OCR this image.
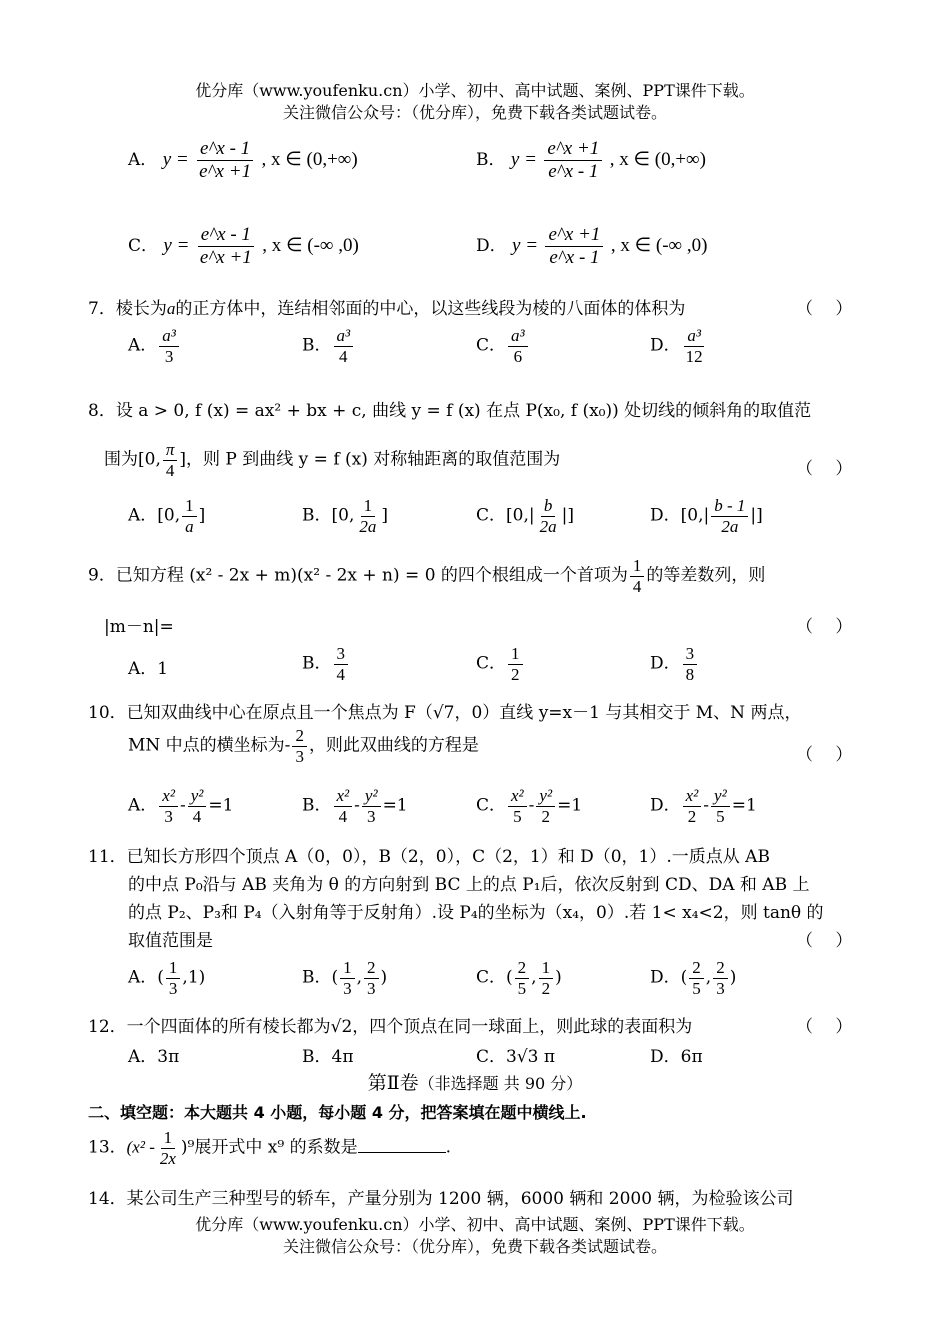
优分库（www.youfenku.cn）小学、初中、高中试题、案例、PPT课件下载。
关注微信公众号：（优分库），免费下载各类试题试卷。
A． $y = \frac{e\^{}x - 1}{e\^{}x +1}$ , x ∈ (0,+∞)	B． $y = \frac{e\^{}x +1}{e\^{}x - 1}$ , x ∈ (0,+∞)
C． $y = \frac{e\^{}x - 1}{e\^{}x +1}$ , x ∈ (-∞ ,0)	D． $y = \frac{e\^{}x +1}{e\^{}x - 1}$ , x ∈ (-∞ ,0)
7．棱长为a的正方体中，连结相邻面的中心，以这些线段为棱的八面体的体积为	（　 ）
A． $\frac{\text{a³}}{3}$	B． $\frac{\text{a³}}{4}$	C． $\frac{\text{a³}}{6}$	D． $\frac{\text{a³}}{12}$
8．设 a > 0, f (x) = ax² + bx + c, 曲线 y = f (x) 在点 P(x₀, f (x₀)) 处切线的倾斜角的取值范
围为[0, $\frac{\pi}{4}$ ]，则 P 到曲线 y = f (x) 对称轴距离的取值范围为	（　 ）
A．[0, $\frac{1}{a}$ ]	B．[0, $\frac{1}{2a}$ ]	C．[$0,| \frac{b}{2a}$ |]	D．[$0,| \frac{b - 1}{2a}$ |]
9．已知方程 (x² - 2x + m)(x² - 2x + n) = 0 的四个根组成一个首项为 $\frac{1}{4}$ 的等差数列，则
|m－n|=	（　 ）
A．1	B． $\frac{3}{4}$	C． $\frac{1}{2}$	D． $\frac{3}{8}$
10．已知双曲线中心在原点且一个焦点为 F（√7，0）直线 y=x－1 与其相交于 M、N 两点，
MN 中点的横坐标为- $\frac{2}{3}$ ，则此双曲线的方程是	（　 ）
A． $\frac{\text{x²}}{3} - \frac{\text{y²}}{4} =1$	B． $\frac{\text{x²}}{4} - \frac{\text{y²}}{3} =1$	C． $\frac{\text{x²}}{5} - \frac{\text{y²}}{2} =1$	D． $\frac{\text{x²}}{2} - \frac{\text{y²}}{5} =1$
11．已知长方形四个顶点 A（0，0），B（2，0），C（2，1）和 D（0，1）.一质点从 AB
的中点 P₀沿与 AB 夹角为 θ 的方向射到 BC 上的点 P₁后，依次反射到 CD、DA 和 AB 上
的点 P₂、P₃和 P₄（入射角等于反射角）.设 P₄的坐标为（x₄，0）.若 1< x₄<2，则 tanθ 的
取值范围是	（　 ）
A．( $\frac{1}{3} ,1$)	B．( $\frac{1}{3}$ , $\frac{2}{3}$ )	C．( $\frac{2}{5}$ , $\frac{1}{2}$ )	D．( $\frac{2}{5}$ , $\frac{2}{3}$ )
12．一个四面体的所有棱长都为√2，四个顶点在同一球面上，则此球的表面积为	（　 ）
A．3π	B．4π	C．3√3 π	D．6π
第Ⅱ卷（非选择题 共 90 分）
二、填空题：本大题共 4 小题，每小题 4 分，把答案填在题中横线上.
13．$(x^2 - \frac{1}{2x} )^9$展开式中 x⁹ 的系数是	.
14．某公司生产三种型号的轿车，产量分别为 1200 辆，6000 辆和 2000 辆，为检验该公司
优分库（www.youfenku.cn）小学、初中、高中试题、案例、PPT课件下载。
关注微信公众号：（优分库），免费下载各类试题试卷。
